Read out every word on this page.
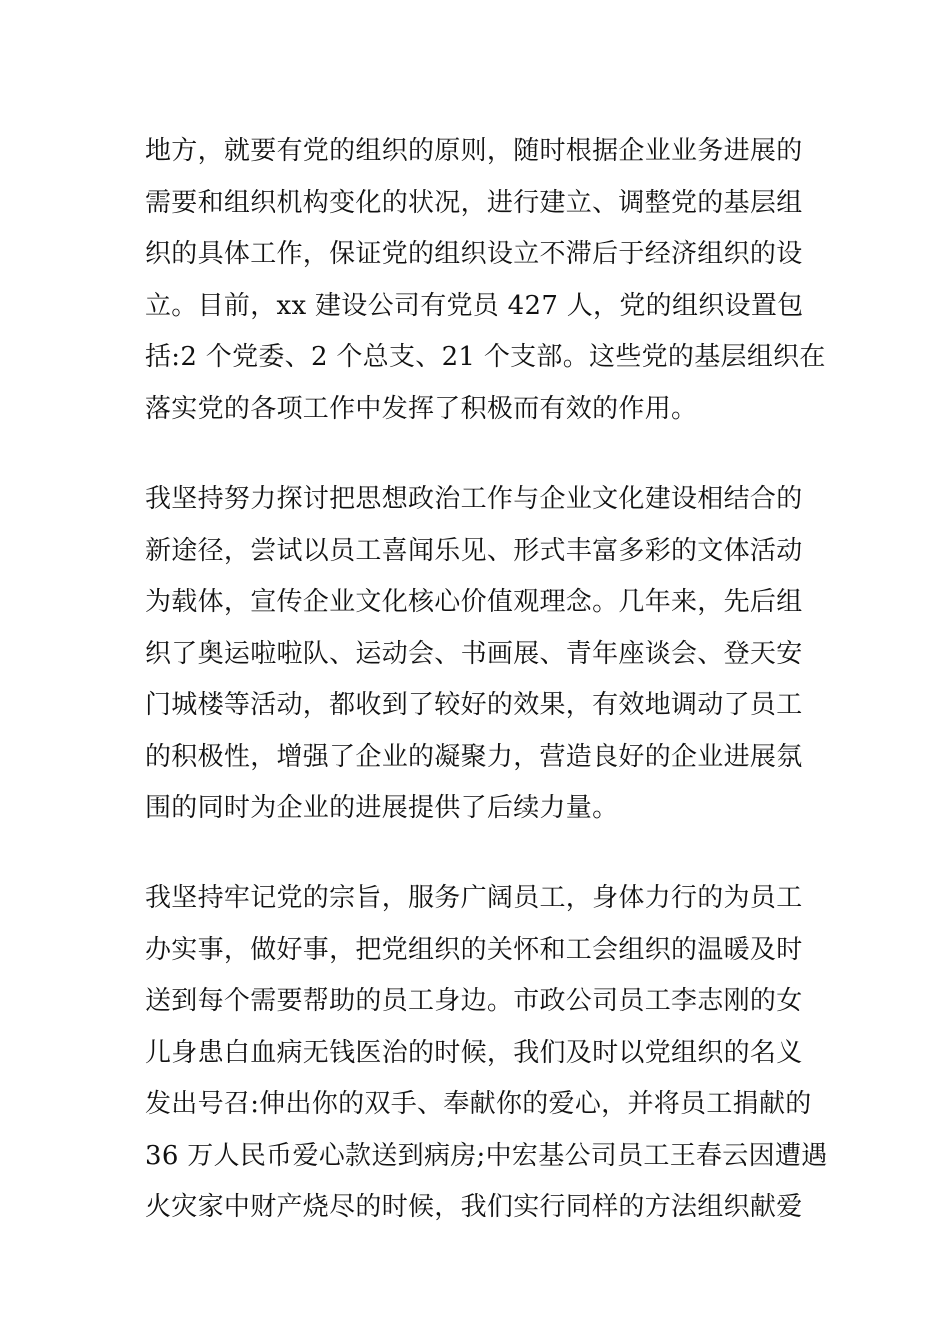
地方，就要有党的组织的原则，随时根据企业业务进展的
需要和组织机构变化的状况，进行建立、调整党的基层组
织的具体工作，保证党的组织设立不滞后于经济组织的设
立。目前，xx 建设公司有党员 427 人，党的组织设置包
括:2 个党委、2 个总支、21 个支部。这些党的基层组织在
落实党的各项工作中发挥了积极而有效的作用。
我坚持努力探讨把思想政治工作与企业文化建设相结合的
新途径，尝试以员工喜闻乐见、形式丰富多彩的文体活动
为载体，宣传企业文化核心价值观理念。几年来，先后组
织了奥运啦啦队、运动会、书画展、青年座谈会、登天安
门城楼等活动，都收到了较好的效果，有效地调动了员工
的积极性，增强了企业的凝聚力，营造良好的企业进展氛
围的同时为企业的进展提供了后续力量。
我坚持牢记党的宗旨，服务广阔员工，身体力行的为员工
办实事，做好事，把党组织的关怀和工会组织的温暖及时
送到每个需要帮助的员工身边。市政公司员工李志刚的女
儿身患白血病无钱医治的时候，我们及时以党组织的名义
发出号召:伸出你的双手、奉献你的爱心，并将员工捐献的
36 万人民币爱心款送到病房;中宏基公司员工王春云因遭遇
火灾家中财产烧尽的时候，我们实行同样的方法组织献爱
